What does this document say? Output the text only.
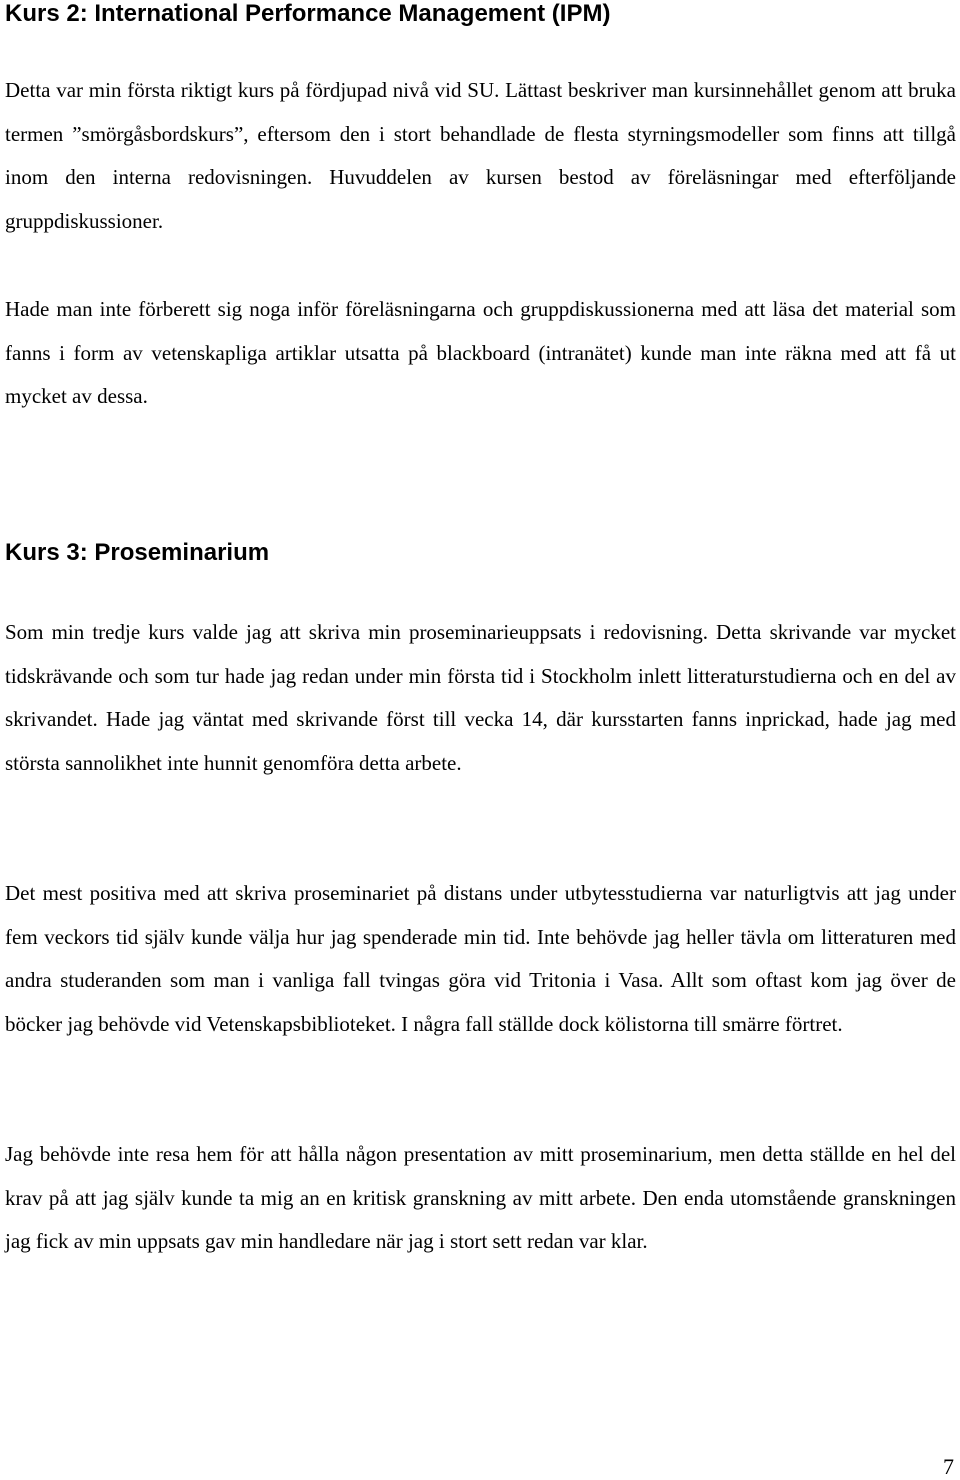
Kurs 2: International Performance Management (IPM)

Detta var min första riktigt kurs på fördjupad nivå vid SU. Lättast beskriver man kursinnehållet genom att bruka termen ”smörgåsbordskurs”, eftersom den i stort behandlade de flesta styrningsmodeller som finns att tillgå inom den interna redovisningen. Huvuddelen av kursen bestod av föreläsningar med efterföljande gruppdiskussioner.

Hade man inte förberett sig noga inför föreläsningarna och gruppdiskussionerna med att läsa det material som fanns i form av vetenskapliga artiklar utsatta på blackboard (intranätet) kunde man inte räkna med att få ut mycket av dessa.

Kurs 3: Proseminarium

Som min tredje kurs valde jag att skriva min proseminarieuppsats i redovisning. Detta skrivande var mycket tidskrävande och som tur hade jag redan under min första tid i Stockholm inlett litteraturstudierna och en del av skrivandet. Hade jag väntat med skrivande först till vecka 14, där kursstarten fanns inprickad, hade jag med största sannolikhet inte hunnit genomföra detta arbete.

Det mest positiva med att skriva proseminariet på distans under utbytesstudierna var naturligtvis att jag under fem veckors tid själv kunde välja hur jag spenderade min tid. Inte behövde jag heller tävla om litteraturen med andra studeranden som man i vanliga fall tvingas göra vid Tritonia i Vasa. Allt som oftast kom jag över de böcker jag behövde vid Vetenskapsbiblioteket. I några fall ställde dock kölistorna till smärre förtret.

Jag behövde inte resa hem för att hålla någon presentation av mitt proseminarium, men detta ställde en hel del krav på att jag själv kunde ta mig an en kritisk granskning av mitt arbete. Den enda utomstående granskningen jag fick av min uppsats gav min handledare när jag i stort sett redan var klar.

7
